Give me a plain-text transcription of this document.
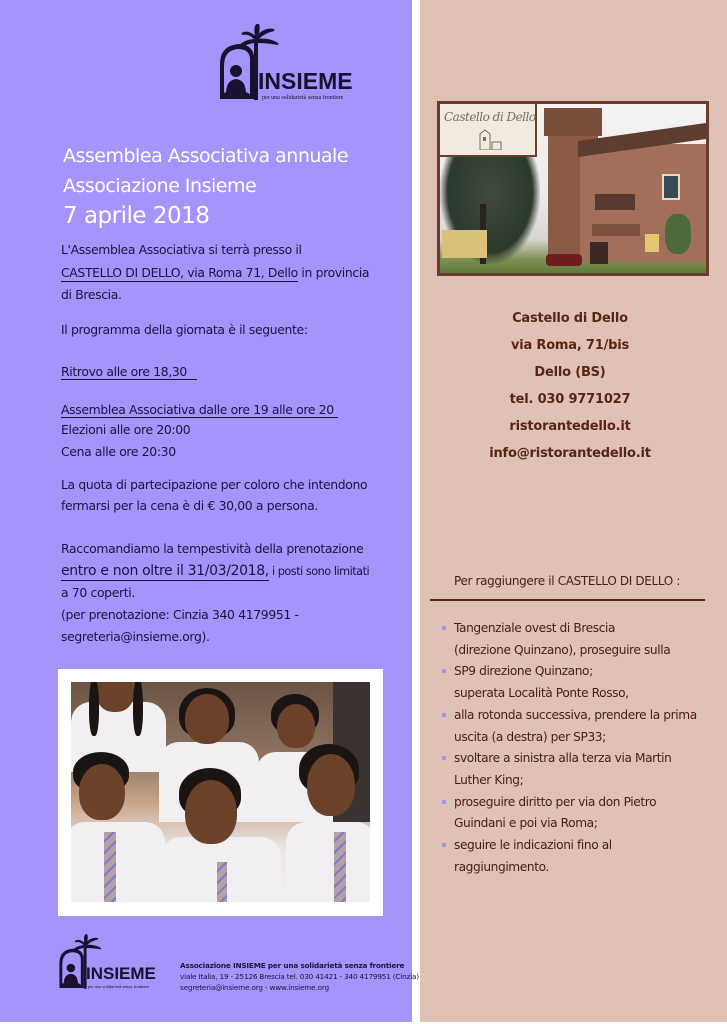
INSIEME
per una solidarietà senza frontiere
Assemblea Associativa annuale
Associazione Insieme
7 aprile 2018
L'Assemblea Associativa si terrà presso il
CASTELLO DI DELLO, via Roma 71, Dello in provincia
di Brescia.
Il programma della giornata è il seguente:
Ritrovo alle ore 18,30
Assemblea Associativa dalle ore 19 alle ore 20
Elezioni alle ore 20:00
Cena alle ore 20:30
La quota di partecipazione per coloro che intendono
fermarsi per la cena è di € 30,00 a persona.
Raccomandiamo la tempestività della prenotazione
entro e non oltre il 31/03/2018, i posti sono limitati
a 70 coperti.
(per prenotazione: Cinzia 340 4179951 -
segreteria@insieme.org).
INSIEME
per una solidarietà senza frontiere
Associazione INSIEME per una solidarietà senza frontiere
viale Italia, 19 - 25126 Brescia tel. 030 41421 - 340 4179951 (Cinzia)
segreteria@insieme.org - www.insieme.org
Castello di Dello
Castello di Dello
via Roma, 71/bis
Dello (BS)
tel. 030 9771027
ristorantedello.it
info@ristorantedello.it
Per raggiungere il CASTELLO DI DELLO :
Tangenziale ovest di Brescia
(direzione Quinzano), proseguire sulla
SP9 direzione Quinzano;
superata Località Ponte Rosso,
alla rotonda successiva, prendere la prima
uscita (a destra) per SP33;
svoltare a sinistra alla terza via Martin
Luther King;
proseguire diritto per via don Pietro
Guindani e poi via Roma;
seguire le indicazioni fino al
raggiungimento.
